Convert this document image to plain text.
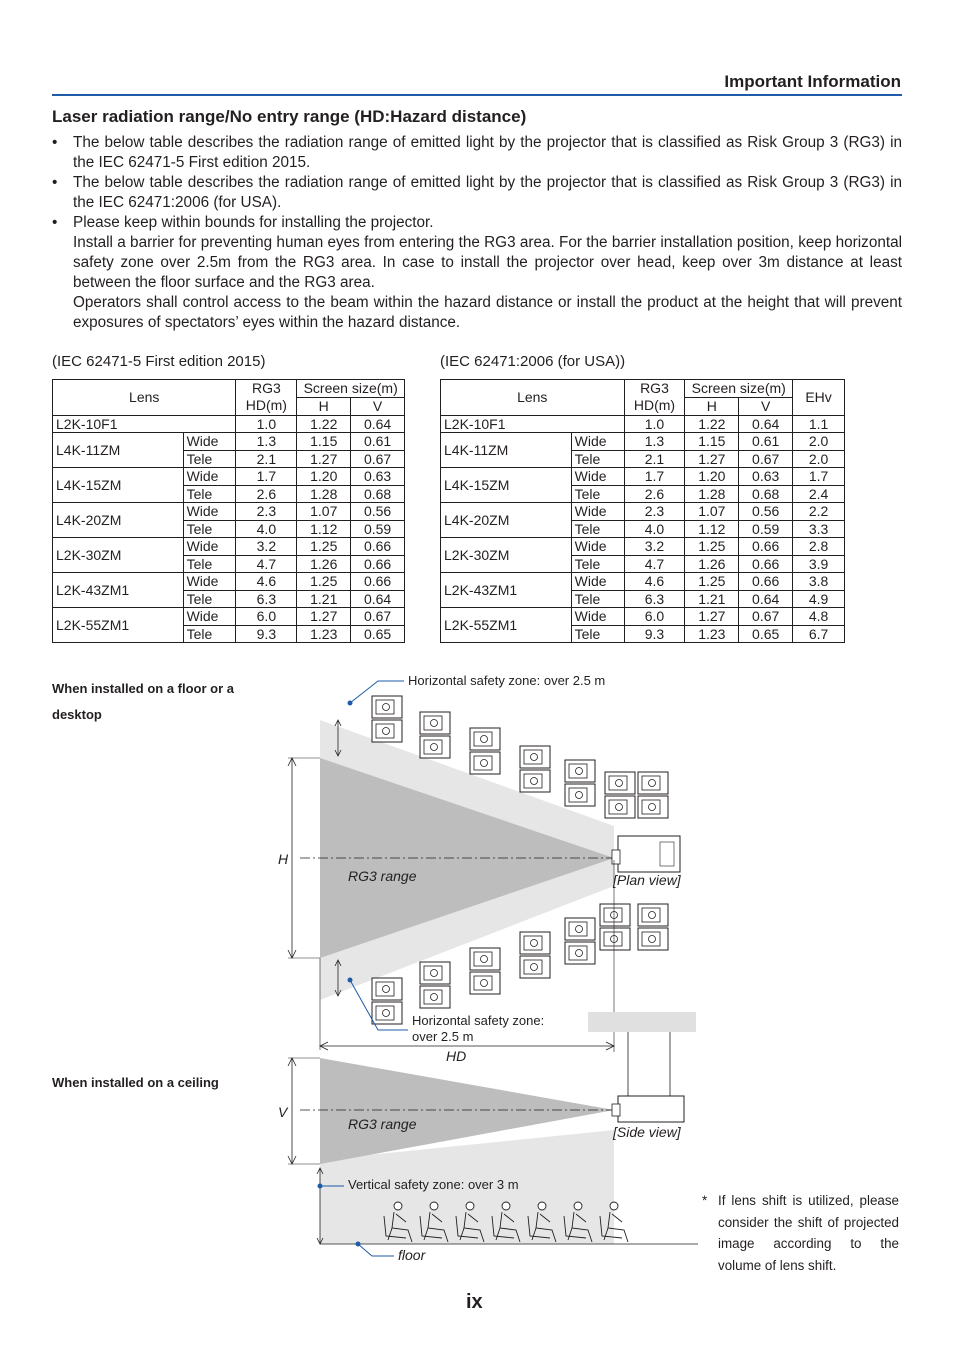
Important Information
Laser radiation range/No entry range (HD:Hazard distance)
• The below table describes the radiation range of emitted light by the projector that is classified as Risk Group 3 (RG3) in the IEC 62471-5 First edition 2015.

• The below table describes the radiation range of emitted light by the projector that is classified as Risk Group 3 (RG3) in the IEC 62471:2006 (for USA).

• Please keep within bounds for installing the projector.

Install a barrier for preventing human eyes from entering the RG3 area. For the barrier installation position, keep horizontal safety zone over 2.5m from the RG3 area. In case to install the projector over head, keep over 3m distance at least between the floor surface and the RG3 area.

Operators shall control access to the beam within the hazard distance or install the product at the height that will prevent exposures of spectators’ eyes within the hazard distance.

(IEC 62471-5 First edition 2015)	(IEC 62471:2006 (for USA))
Lens		RG3 HD(m)	Screen size(m)	
			H	V
L2K-10F1		1.0	1.22	0.64
L4K-11ZM	Wide	1.3	1.15	0.61
	Tele	2.1	1.27	0.67
L4K-15ZM	Wide	1.7	1.20	0.63
	Tele	2.6	1.28	0.68
L4K-20ZM	Wide	2.3	1.07	0.56
	Tele	4.0	1.12	0.59
L2K-30ZM	Wide	3.2	1.25	0.66
	Tele	4.7	1.26	0.66
L2K-43ZM1	Wide	4.6	1.25	0.66
	Tele	6.3	1.21	0.64
L2K-55ZM1	Wide	6.0	1.27	0.67
	Tele	9.3	1.23	0.65
Lens		RG3 HD(m)	Screen size(m)		EHv
			H	V	
L2K-10F1		1.0	1.22	0.64	1.1
L4K-11ZM	Wide	1.3	1.15	0.61	2.0
	Tele	2.1	1.27	0.67	2.0
L4K-15ZM	Wide	1.7	1.20	0.63	1.7
	Tele	2.6	1.28	0.68	2.4
L4K-20ZM	Wide	2.3	1.07	0.56	2.2
	Tele	4.0	1.12	0.59	3.3
L2K-30ZM	Wide	3.2	1.25	0.66	2.8
	Tele	4.7	1.26	0.66	3.9
L2K-43ZM1	Wide	4.6	1.25	0.66	3.8
	Tele	6.3	1.21	0.64	4.9
L2K-55ZM1	Wide	6.0	1.27	0.67	4.8
	Tele	9.3	1.23	0.65	6.7
When installed on a floor or a desktop
When installed on a ceiling
Horizontal safety zone: over 2.5 m
Horizontal safety zone: over 2.5 m
H
RG3 range	[Plan view]
HD
V
RG3 range	[Side view]
Vertical safety zone: over 3 m
floor
* If lens shift is utilized, please consider the shift of projected image according to the volume of lens shift.
ix
